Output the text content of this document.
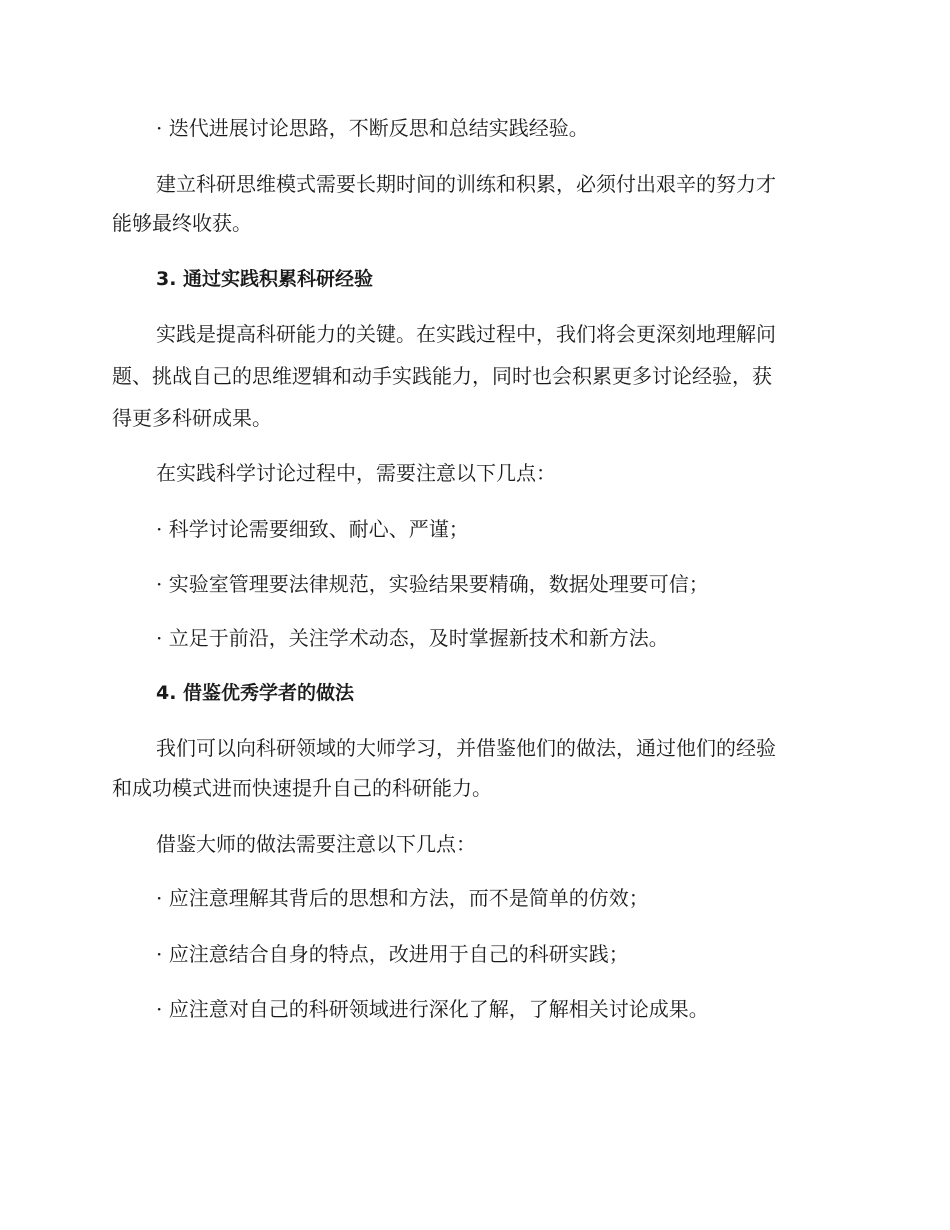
· 迭代进展讨论思路，不断反思和总结实践经验。

建立科研思维模式需要长期时间的训练和积累，必须付出艰辛的努力才

能够最终收获。

3. 通过实践积累科研经验

实践是提高科研能力的关键。在实践过程中，我们将会更深刻地理解问

题、挑战自己的思维逻辑和动手实践能力，同时也会积累更多讨论经验，获

得更多科研成果。

在实践科学讨论过程中，需要注意以下几点：

· 科学讨论需要细致、耐心、严谨；

· 实验室管理要法律规范，实验结果要精确，数据处理要可信；

· 立足于前沿，关注学术动态，及时掌握新技术和新方法。

4. 借鉴优秀学者的做法

我们可以向科研领域的大师学习，并借鉴他们的做法，通过他们的经验

和成功模式进而快速提升自己的科研能力。

借鉴大师的做法需要注意以下几点：

· 应注意理解其背后的思想和方法，而不是简单的仿效；

· 应注意结合自身的特点，改进用于自己的科研实践；

· 应注意对自己的科研领域进行深化了解，了解相关讨论成果。
